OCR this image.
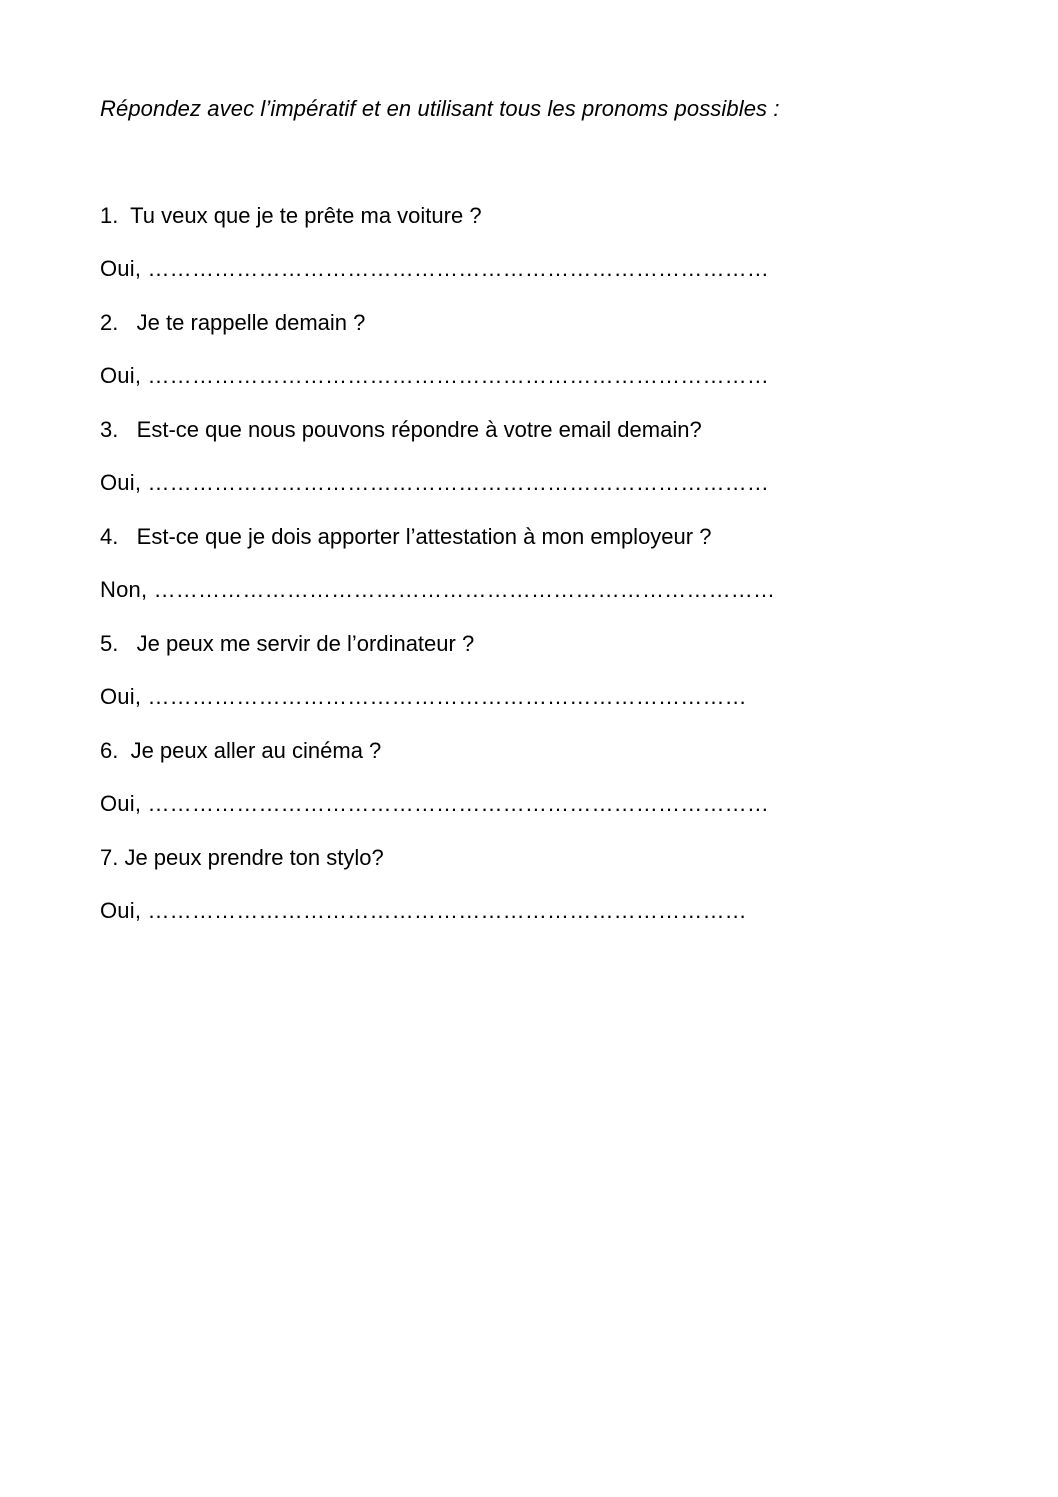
Répondez avec l’impératif et en utilisant tous les pronoms possibles :

1.  Tu veux que je te prête ma voiture ?

Oui, …………………………………………………………………………

2.   Je te rappelle demain ?

Oui, …………………………………………………………………………

3.   Est-ce que nous pouvons répondre à votre email demain?

Oui, …………………………………………………………………………

4.   Est-ce que je dois apporter l’attestation à mon employeur ?

Non, …………………………………………………………………………

5.   Je peux me servir de l’ordinateur ?

Oui, ………………………………………………………………………

6.  Je peux aller au cinéma ?

Oui, …………………………………………………………………………

7. Je peux prendre ton stylo?

Oui, ………………………………………………………………………
